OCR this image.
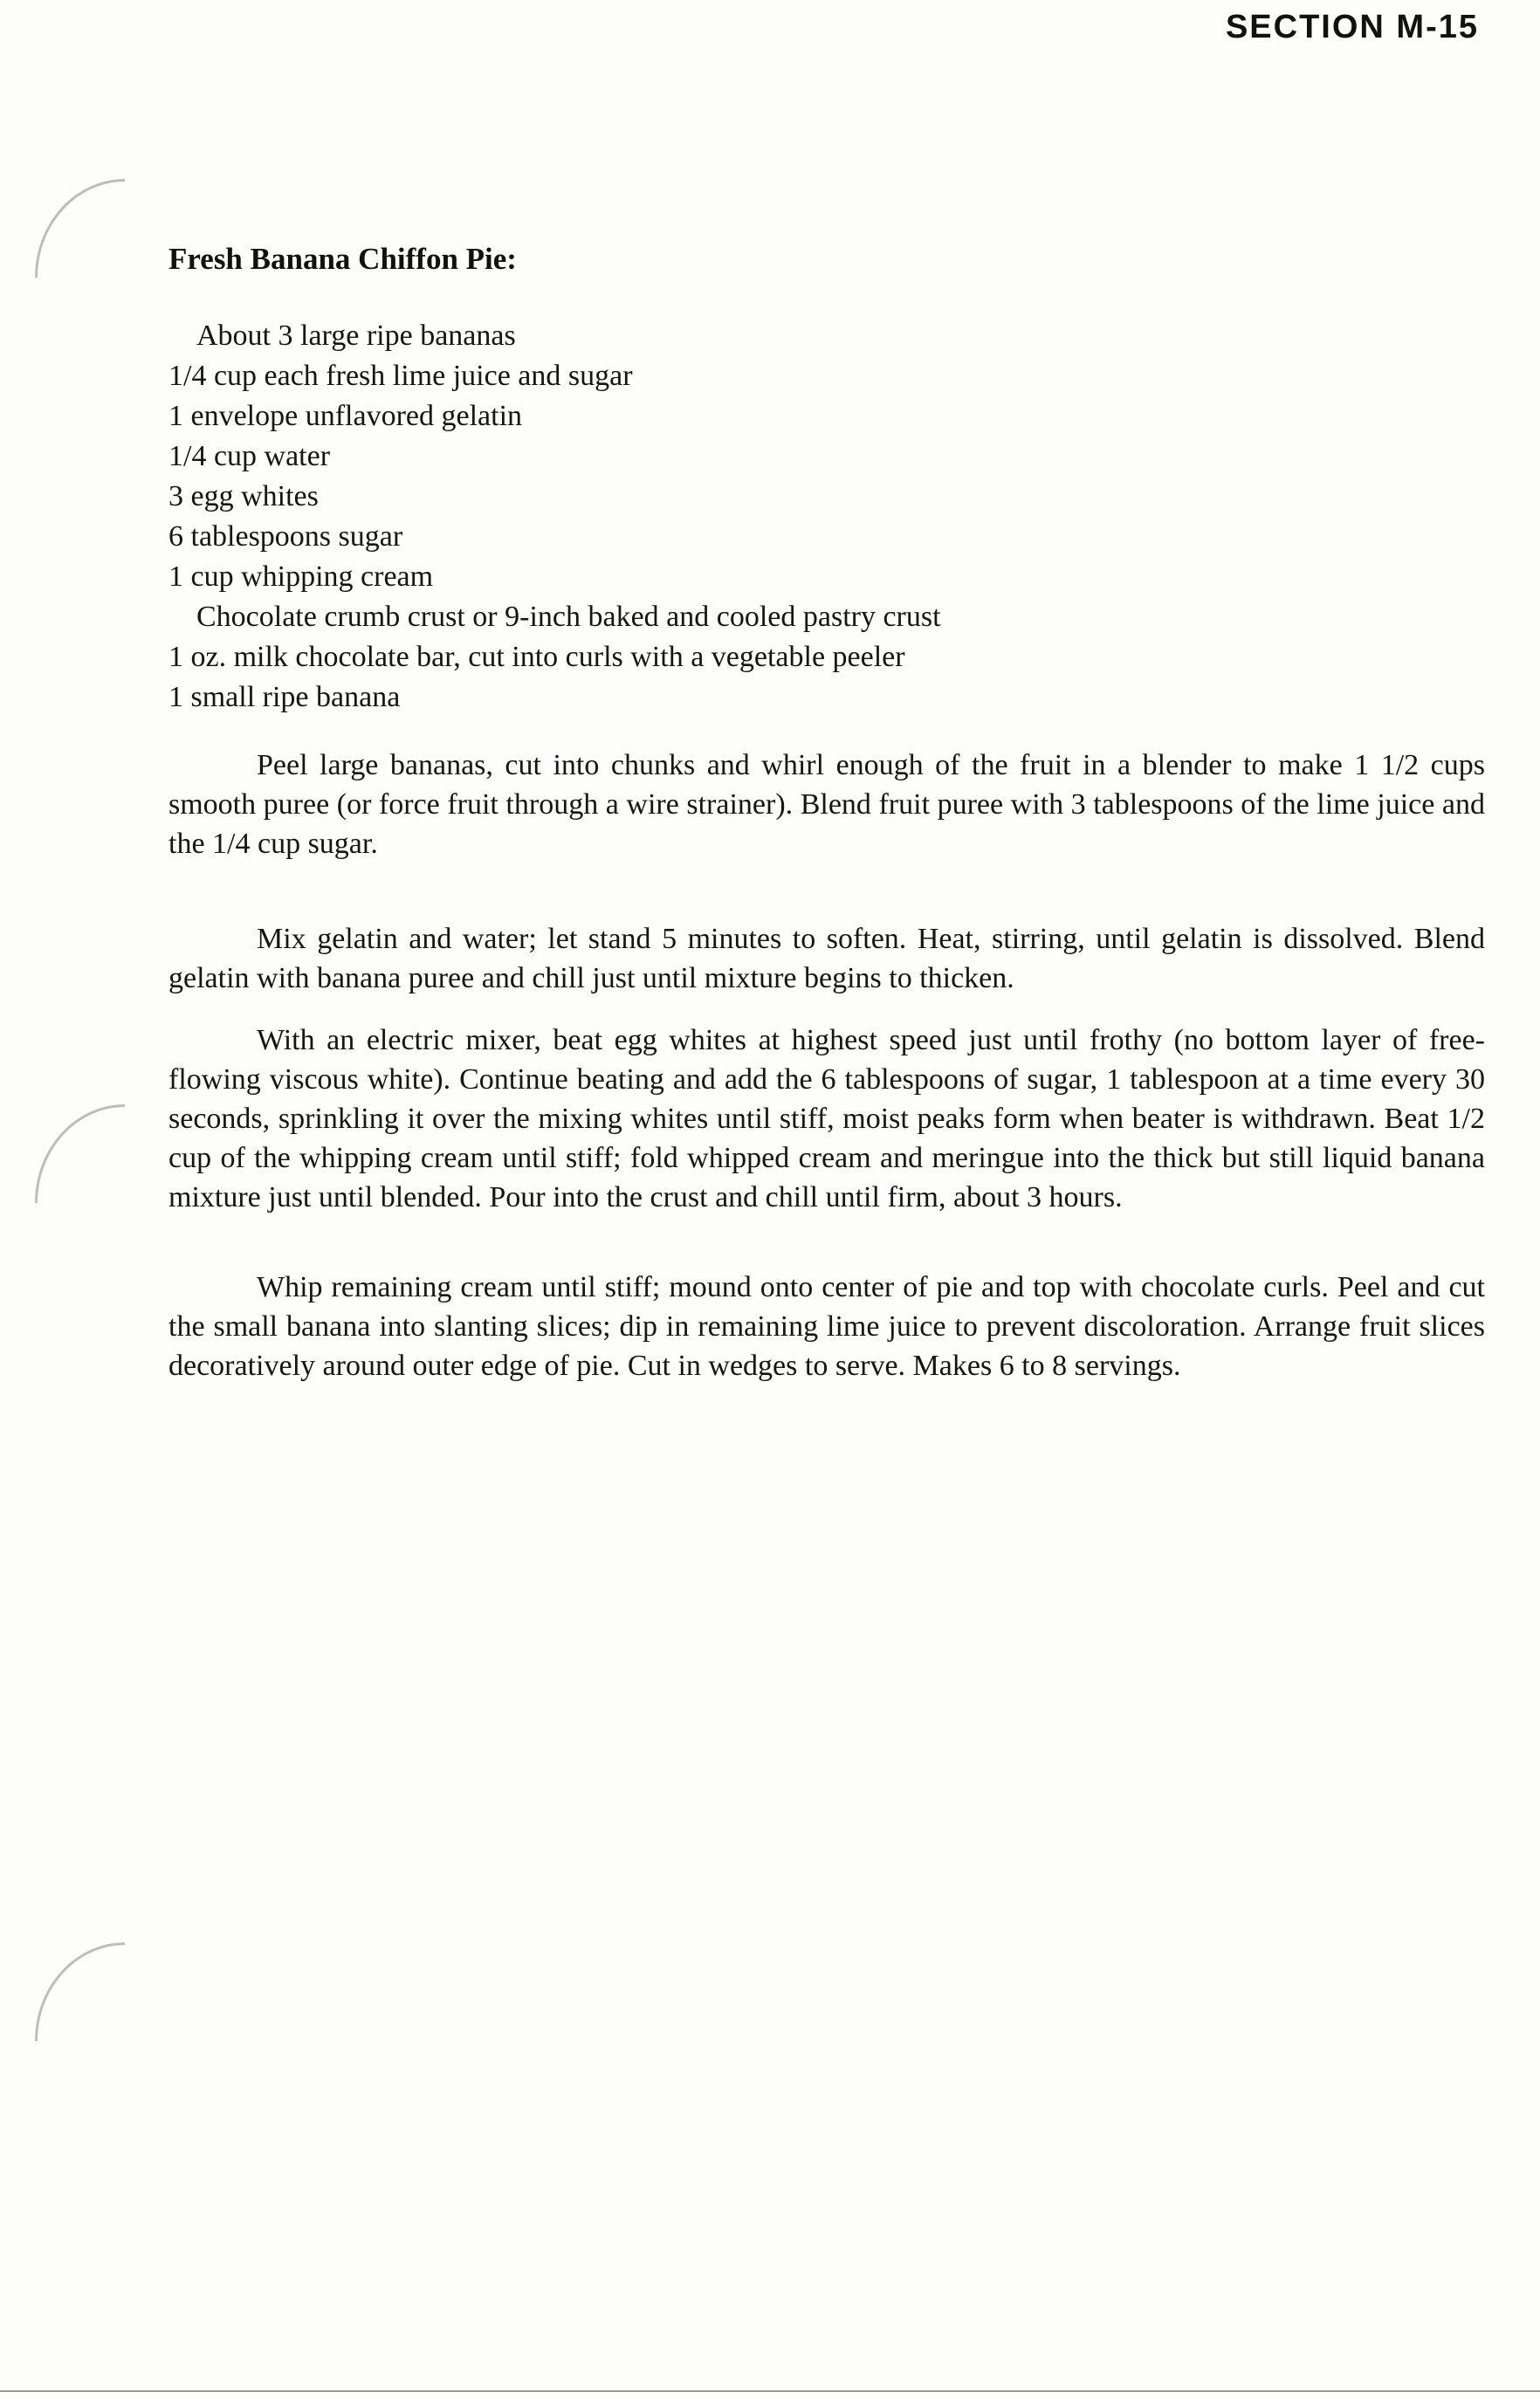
SECTION M-15
Fresh Banana Chiffon Pie:
About 3 large ripe bananas
1/4 cup each fresh lime juice and sugar
1 envelope unflavored gelatin
1/4 cup water
3 egg whites
6 tablespoons sugar
1 cup whipping cream
Chocolate crumb crust or 9-inch baked and cooled pastry crust
1 oz. milk chocolate bar, cut into curls with a vegetable peeler
1 small ripe banana

Peel large bananas, cut into chunks and whirl enough of the fruit in a blender to make 1 1/2 cups smooth puree (or force fruit through a wire strainer). Blend fruit puree with 3 tablespoons of the lime juice and the 1/4 cup sugar.

Mix gelatin and water; let stand 5 minutes to soften. Heat, stirring, until gelatin is dissolved. Blend gelatin with banana puree and chill just until mixture begins to thicken.

With an electric mixer, beat egg whites at highest speed just until frothy (no bottom layer of free-flowing viscous white). Continue beating and add the 6 tablespoons of sugar, 1 tablespoon at a time every 30 seconds, sprinkling it over the mixing whites until stiff, moist peaks form when beater is withdrawn. Beat 1/2 cup of the whipping cream until stiff; fold whipped cream and meringue into the thick but still liquid banana mixture just until blended. Pour into the crust and chill until firm, about 3 hours.

Whip remaining cream until stiff; mound onto center of pie and top with chocolate curls. Peel and cut the small banana into slanting slices; dip in remaining lime juice to prevent discoloration. Arrange fruit slices decoratively around outer edge of pie. Cut in wedges to serve. Makes 6 to 8 servings.
